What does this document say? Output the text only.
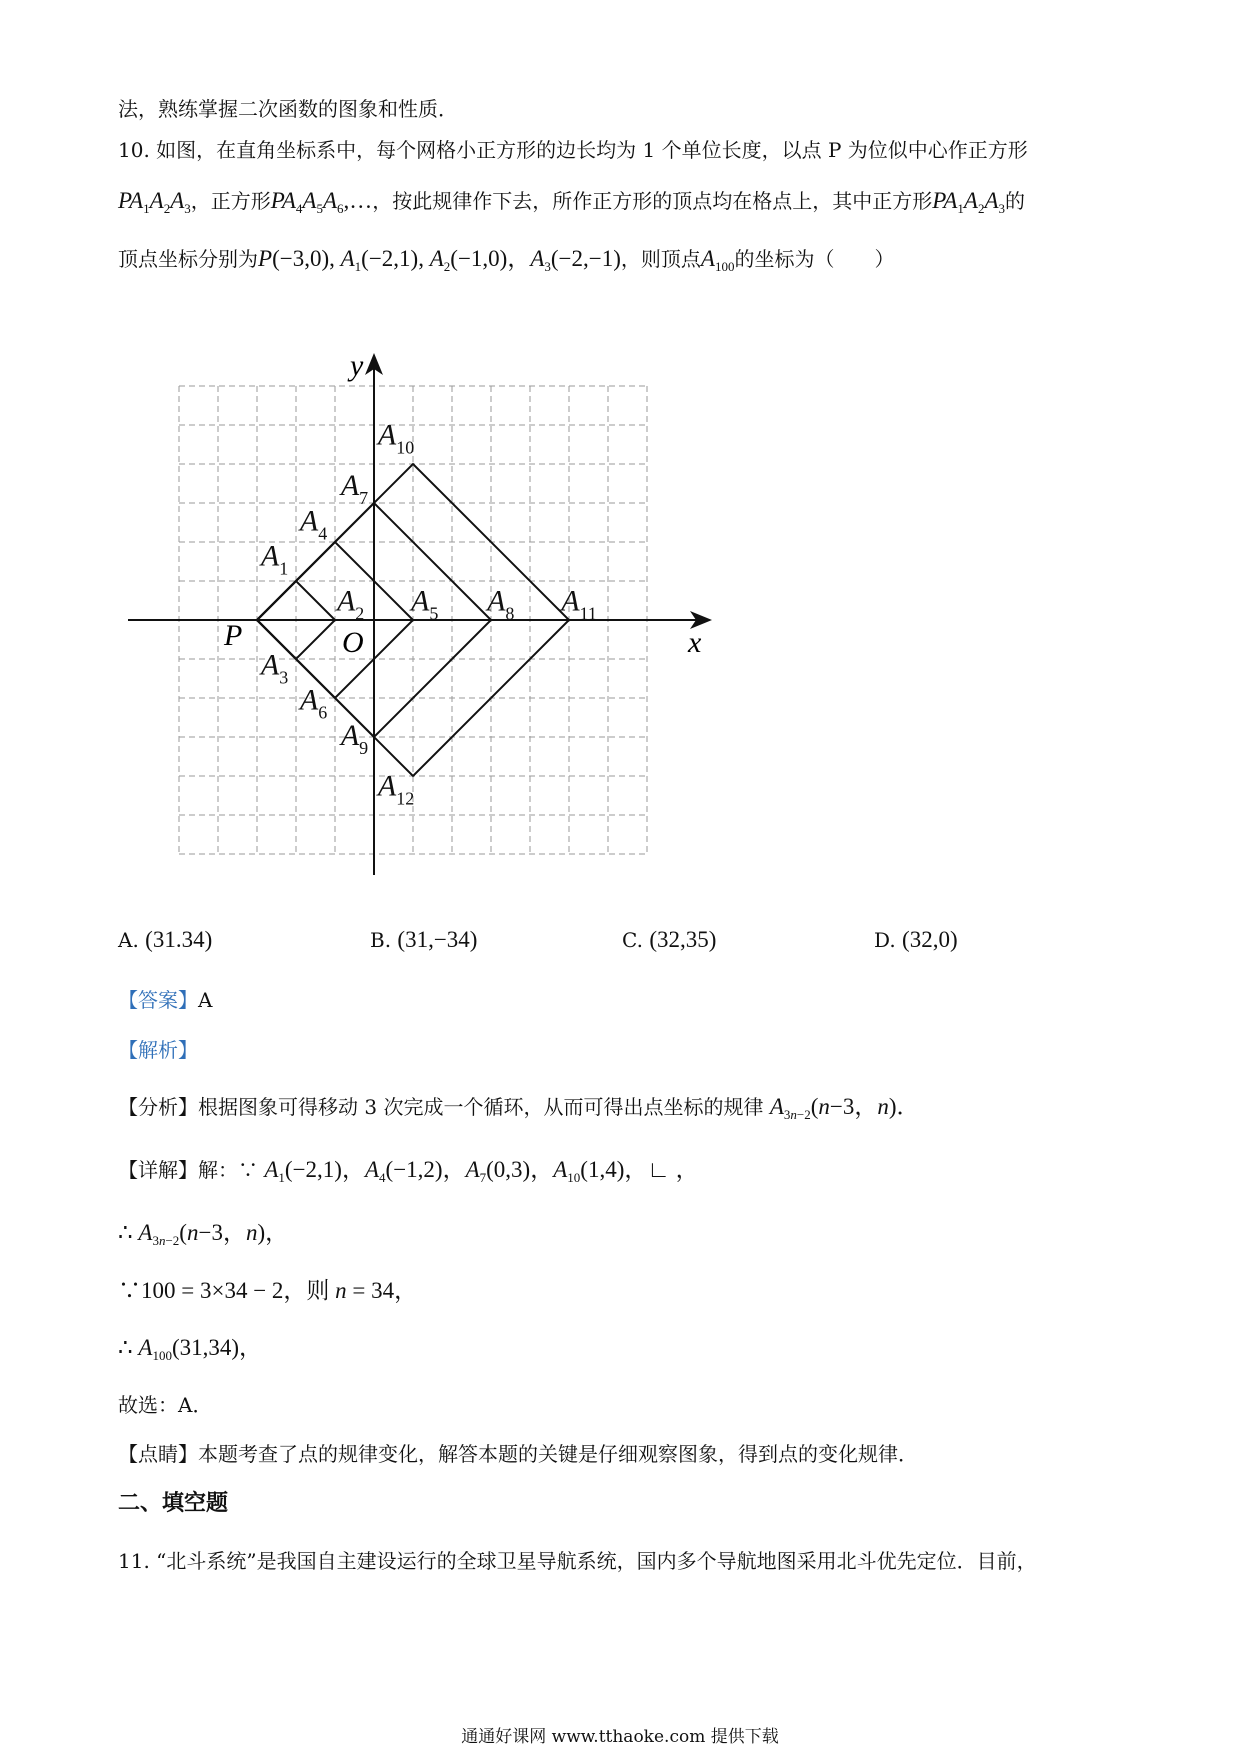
法，熟练掌握二次函数的图象和性质．
10. 如图，在直角坐标系中，每个网格小正方形的边长均为 1 个单位长度，以点 P 为位似中心作正方形
$PA_1A_2A_3$，正方形$PA_4A_5A_6,\dots$，按此规律作下去，所作正方形的顶点均在格点上，其中正方形$PA_1A_2A_3$的
顶点坐标分别为P(−3,0), $A_1(-2,1)$, $A_2(-1,0)$，$A_3(-2,-1)$，则顶点$A_{100}$的坐标为（　　）
x
y
O
P
$A_1$
$A_2$
$A_3$
$A_4$
$A_5$
$A_6$
$A_7$
$A_8$
$A_9$
$A_{10}$
$A_{11}$
$A_{12}$
A. (31.34)	B. (31,−34)	C. (32,35)	D. (32,0)
【答案】A
【解析】
【分析】根据图象可得移动 3 次完成一个循环，从而可得出点坐标的规律 $A_{3n-2}(n-3$，n)．
【详解】解：∵ $A_1(-2,1)$，$A_4(-1,2)$，$A_7(0,3)$，$A_{10}(1,4)$，∟ ，
∴ $A_{3n-2}(n-3$，n)，
∵100 = 3×34 − 2，则 n = 34，
∴ $A_{100}(31,34)$，
故选：A．
【点睛】本题考查了点的规律变化，解答本题的关键是仔细观察图象，得到点的变化规律．
二、填空题
11. “北斗系统”是我国自主建设运行的全球卫星导航系统，国内多个导航地图采用北斗优先定位．目前，
通通好课网 www.tthaoke.com 提供下载
